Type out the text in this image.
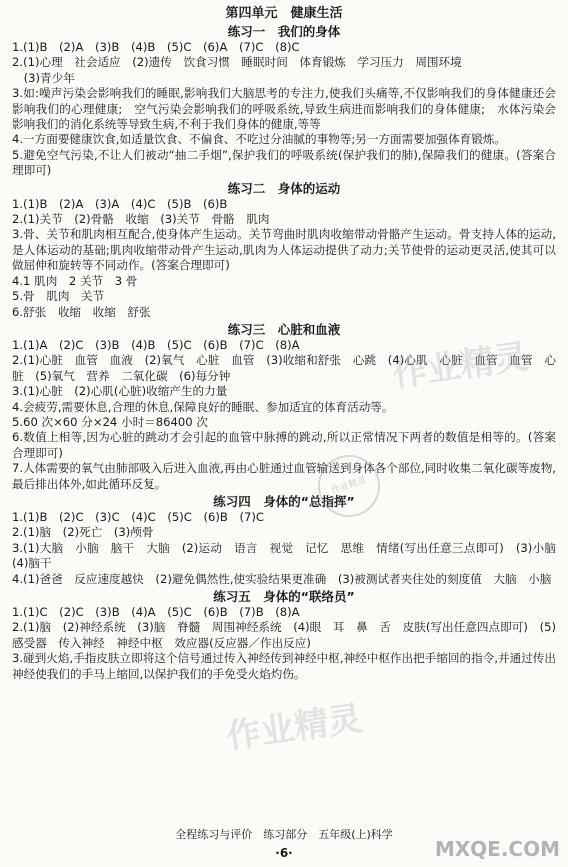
第四单元　健康生活

练习一　我们的身体

1.(1)B　(2)A　(3)B　(4)B　(5)C　(6)A　(7)C　(8)C

2.(1)心理　社会适应　(2)遗传　饮食习惯　睡眠时间　体育锻炼　学习压力　周围环境

　(3)青少年

3.如:噪声污染会影响我们的睡眠,影响我们大脑思考的专注力,使我们头痛等,不仅影响我们的身体健康还会影响我们的心理健康;　空气污染会影响我们的呼吸系统,导致生病进而影响我们的身体健康;　水体污染会影响我们的消化系统等导致生病,不利于我们身体的健康,等等

4.一方面要健康饮食,如适量饮食、不偏食、不吃过分油腻的事物等;另一方面需要加强体育锻炼。

5.避免空气污染,不让人们被动“抽二手烟”,保护我们的呼吸系统(保护我们的肺),保障我们的健康。(答案合理即可)

练习二　身体的运动

1.(1)B　(2)A　(3)A　(4)C　(5)B　(6)B

2.(1)关节　(2)骨骼　收缩　(3)关节　骨骼　肌肉

3.骨、关节和肌肉相互配合,使身体产生运动。关节弯曲时肌肉收缩带动骨骼产生运动。骨支持人体的运动,是人体运动的基础;肌肉收缩带动骨产生运动,肌肉为人体运动提供了动力;关节使骨的运动更灵活,使其可以做屈伸和旋转等不同动作。(答案合理即可)

4.1 肌肉　2 关节　3 骨

5.骨　肌肉　关节

6.舒张　收缩　收缩　舒张

练习三　心脏和血液

1.(1)A　(2)C　(3)B　(4)B　(5)C　(6)B　(7)C　(8)A

2.(1)心脏　血管　血液　(2)氧气　心脏　血管　(3)收缩和舒张　心跳　(4)心肌　心脏　血管　血管　心脏　(5)氧气　营养　二氧化碳　(6)每分钟

3.(1)心脏　(2)心肌(心脏)收缩产生的力量

4.会疲劳,需要休息,合理的休息,保障良好的睡眠、参加适宜的体育活动等。

5.60 次×60 分×24 小时＝86400 次

6.数值上相等,因为心脏的跳动才会引起的血管中脉搏的跳动,所以正常情况下两者的数值是相等的。(答案合理即可)

7.人体需要的氧气由肺部吸入后进入血液,再由心脏通过血管输送到身体各个部位,同时收集二氧化碳等废物,最后排出体外,如此循环反复。

练习四　身体的“总指挥”

1.(1)B　(2)C　(3)C　(4)C　(5)C　(6)B　(7)C

2.(1)脑　(2)死亡　(3)颅骨

3.(1)大脑　小脑　脑干　大脑　(2)运动　语言　视觉　记忆　思维　情绪(写出任意三点即可)　(3)小脑　(4)脑干

4.(1)爸爸　反应速度越快　(2)避免偶然性,使实验结果更准确　(3)被测试者夹住处的刻度值　大脑　小脑

练习五　身体的“联络员”

1.(1)C　(2)C　(3)B　(4)A　(5)C　(6)B　(7)B　(8)A

2.(1)脑　(2)神经系统　(3)脑　脊髓　周围神经系统　(4)眼　耳　鼻　舌　皮肤(写出任意四点即可)　(5)感受器　传入神经　神经中枢　效应器(反应器／作出反应)

3.碰到火焰,手指皮肤立即将这个信号通过传入神经传到神经中枢,神经中枢作出把手缩回的指令,并通过传出神经使我们的手马上缩回,以保护我们的手免受火焰灼伤。

作业精灵
作业精灵
作业精灵
全程练习与评价　练习部分　五年级(上)科学
·6·	MXQE.COM
